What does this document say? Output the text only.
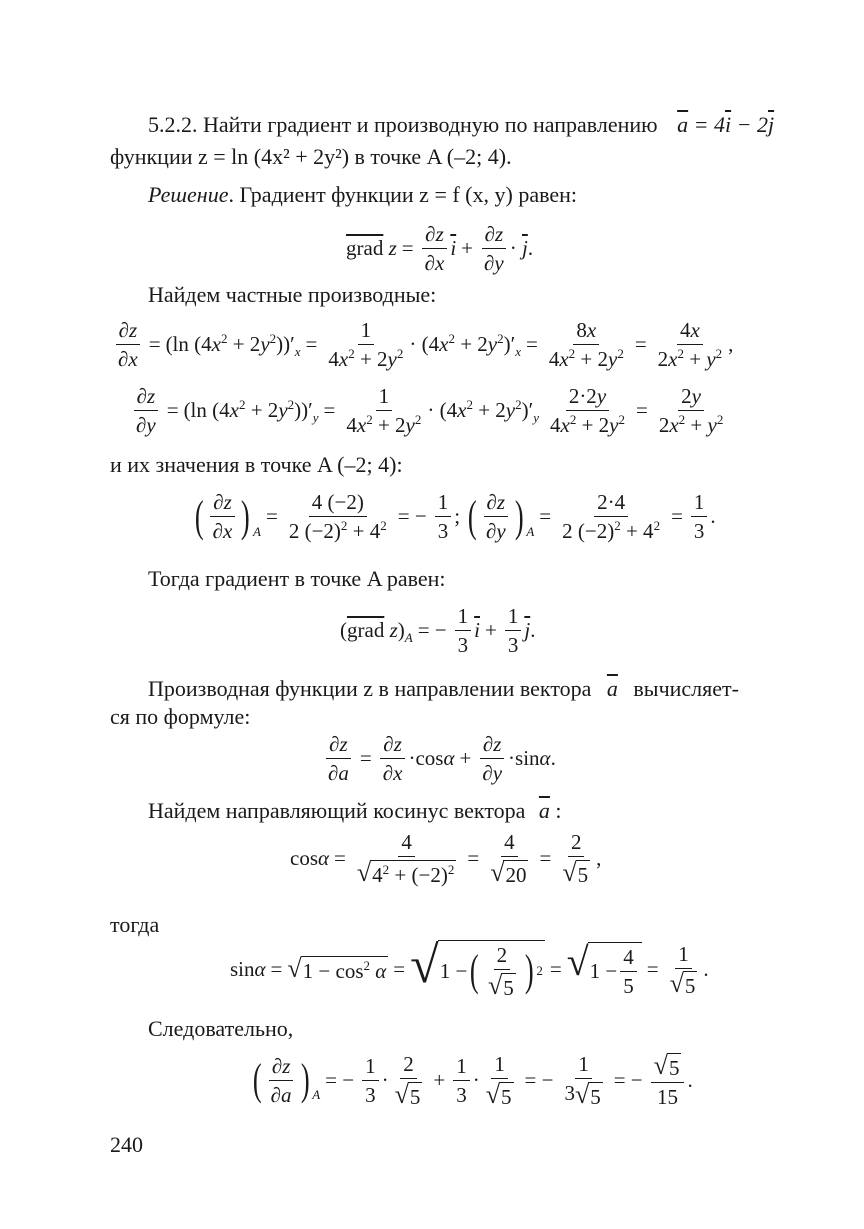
5.2.2. Найти градиент и производную по направлению $\overline{a} = 4\overline{i} - 2\overline{j}$
функции z = ln (4x² + 2y²) в точке A (–2; 4).
Решение. Градиент функции z = f (x, y) равен:
grad
$z = \frac{\partial z}{\partial x} \overline{i} + \frac{\partial z}{\partial y} \cdot \overline{j}$ .
Найдем частные производные:
$\frac{\partial z}{\partial x} = (\ln$ $(4x^2 + 2y^2))'_x = \frac{1}{4x^2 + 2y^2} \cdot (4x^2 + 2y^2)'_x = \frac{8x}{4x^2 + 2y^2} = \frac{4x}{2x^2 + y^2}$ ,
$\frac{\partial z}{\partial y} = (\ln$ $(4x^2 + 2y^2))'_y = \frac{1}{4x^2 + 2y^2} \cdot (4x^2 + 2y^2)'_y \frac{2\cdot 2y}{4x^2 + 2y^2} = \frac{2y}{2x^2 + y^2}$
и их значения в точке A (–2; 4):
( $\frac{\partial z}{\partial x}$ ) A
= $\frac{4 (-2)}{2 (-2)^2 + 4^2}$ = − $\frac{1}{3}$ ; ( $\frac{\partial z}{\partial y}$ ) A
= $\frac{2\cdot 4}{2 (-2)^2 + 4^2} = \frac{1}{3}$ .
Тогда градиент в точке A равен:
(grad $z)_A$ = − $\frac{1}{3} \overline{i} + \frac{1}{3} \overline{j}$ .
Производная функции z в направлении вектора $\overline{a}$ вычисляет-
ся по формуле:
$\frac{\partial z}{\partial a} = \frac{\partial z}{\partial x} \cdot\cos$ $\alpha + \frac{\partial z}{\partial y} \cdot\sin$ α .
Найдем направляющий косинус вектора $\overline{a}$ :
$\cos\alpha = \frac{4}{√ 4^2 + (-2)^2} = \frac{4}{√ 20} = \frac{2}{√ 5}$ ,
тогда
sinα = √ $1 - \cos^2 \alpha$ = √ 1 − ( $\frac{2}{√ 5}$ ) 2 = √ $1 - \frac{4}{5} = \frac{1}{√ 5}$ .
Следовательно,
( $\frac{\partial z}{\partial a}$ ) A
= − $\frac{1}{3} \cdot \frac{2}{√ 5} + \frac{1}{3} \cdot \frac{1}{√ 5}$ = − $\frac{1}{3 √ 5}$ = − $\frac{√ 5}{15}$ .
240
